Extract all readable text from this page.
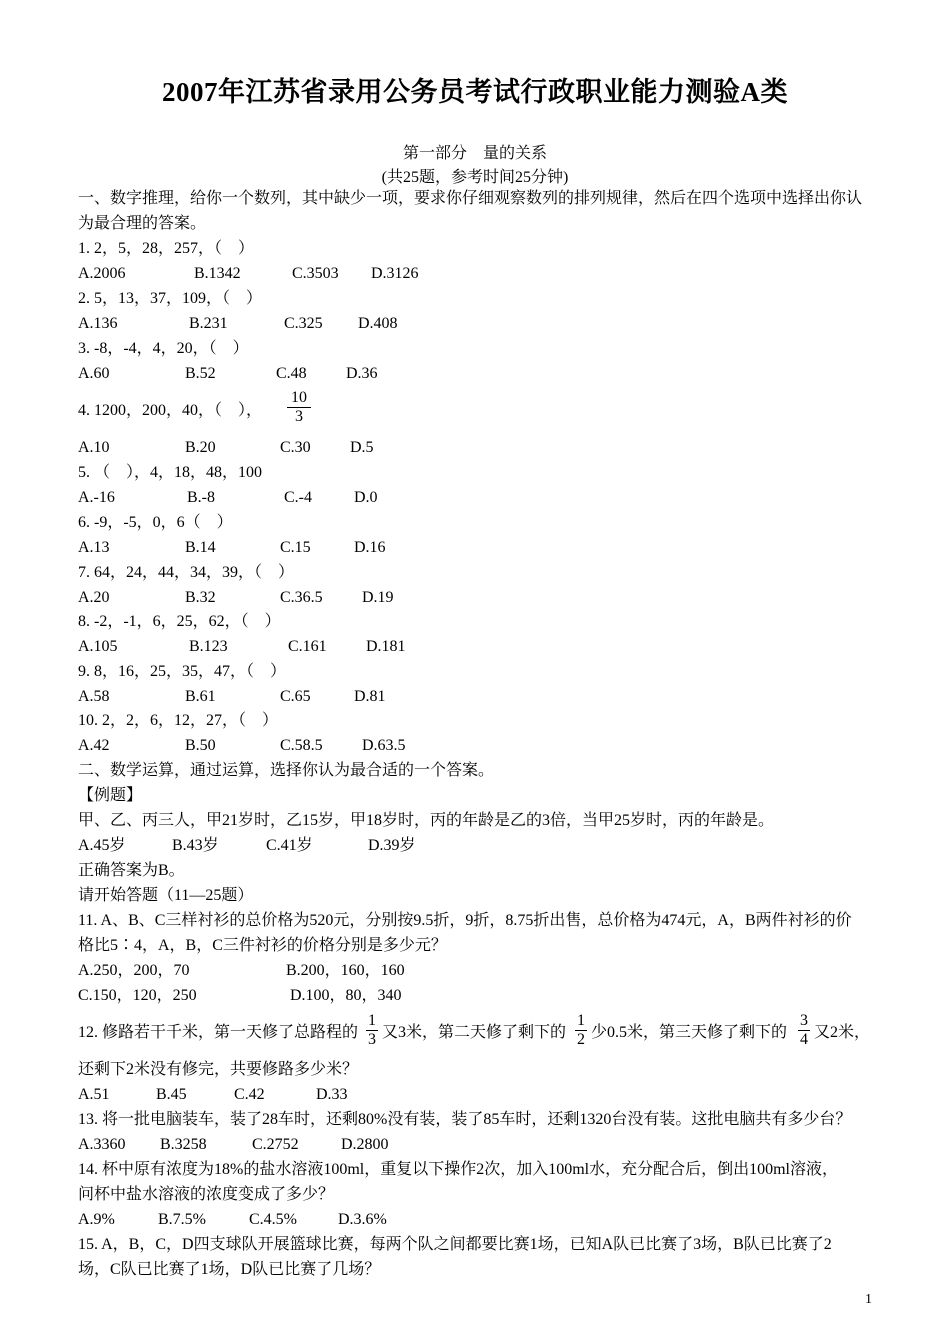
2007年江苏省录用公务员考试行政职业能力测验A类
第一部分　量的关系
(共25题，参考时间25分钟)
一、数字推理，给你一个数列，其中缺少一项，要求你仔细观察数列的排列规律，然后在四个选项中选择出你认
为最合理的答案。
1. 2，5，28，257，（　）
A.2006	B.1342	C.3503 D.3126
2. 5，13，37，109，（　）
A.136	B.231	C.325 D.408
3. -8，-4，4，20，（　）
A.60	B.52	C.48 D.36
4. 1200，200，40，（　）， $\frac{10}{3}$
A.10	B.20	C.30 D.5
5. （　），4，18，48，100
A.-16	B.-8	C.-4	D.0
6. -9，-5，0，6（　）
A.13	B.14	C.15	D.16
7. 64，24，44，34，39，（　）
A.20	B.32	C.36.5 D.19
8. -2，-1，6，25，62，（　）
A.105	B.123	C.161 D.181
9. 8，16，25，35，47，（　）
A.58	B.61	C.65	D.81
10. 2，2，6，12，27，（　）
A.42	B.50	C.58.5 D.63.5
二、数学运算，通过运算，选择你认为最合适的一个答案。
【例题】
甲、乙、丙三人，甲21岁时，乙15岁，甲18岁时，丙的年龄是乙的3倍，当甲25岁时，丙的年龄是。
A.45岁	B.43岁	C.41岁	D.39岁
正确答案为B。
请开始答题（11—25题）
11. A、B、C三样衬衫的总价格为520元，分别按9.5折，9折，8.75折出售，总价格为474元，A，B两件衬衫的价
格比5∶4，A，B，C三件衬衫的价格分别是多少元？
A.250，200，70	B.200，160，160
C.150，120，250	D.100，80，340
12. 修路若干千米，第一天修了总路程的 $\frac{1}{3}$ 又3米，第二天修了剩下的 $\frac{1}{2}$ 少0.5米，第三天修了剩下的 $\frac{3}{4}$ 又2米，
还剩下2米没有修完，共要修路多少米？
A.51	B.45	C.42	D.33
13. 将一批电脑装车，装了28车时，还剩80%没有装，装了85车时，还剩1320台没有装。这批电脑共有多少台？
A.3360 B.3258	C.2752	D.2800
14. 杯中原有浓度为18%的盐水溶液100ml，重复以下操作2次，加入100ml水，充分配合后，倒出100ml溶液，
问杯中盐水溶液的浓度变成了多少？
A.9%	B.7.5%	C.4.5%	D.3.6%
15. A，B，C，D四支球队开展篮球比赛，每两个队之间都要比赛1场，已知A队已比赛了3场，B队已比赛了2
场，C队已比赛了1场，D队已比赛了几场？
1
